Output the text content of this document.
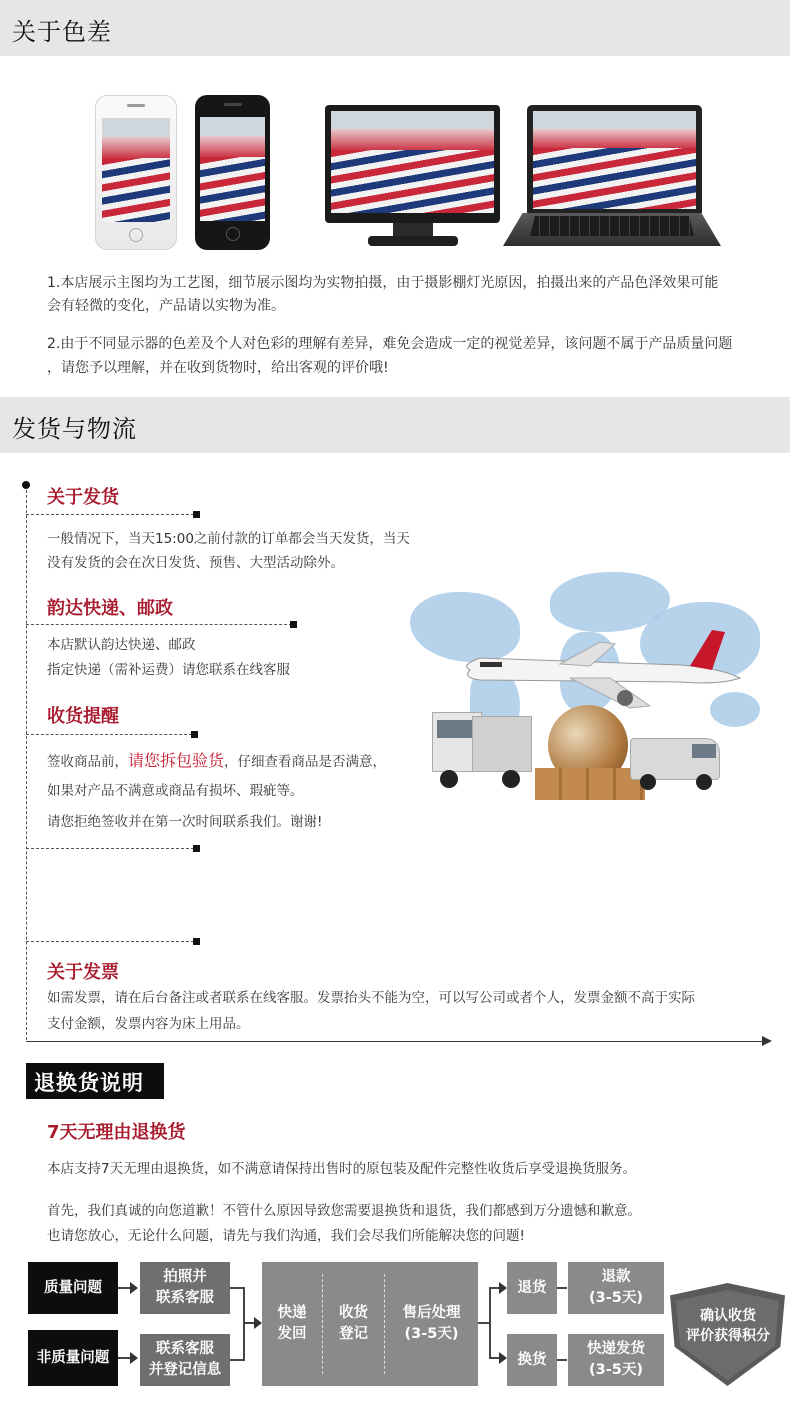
关于色差
1.本店展示主图均为工艺图，细节展示图均为实物拍摄，由于摄影棚灯光原因，拍摄出来的产品色泽效果可能
会有轻微的变化，产品请以实物为准。
2.由于不同显示器的色差及个人对色彩的理解有差异，难免会造成一定的视觉差异，该问题不属于产品质量问题
，请您予以理解，并在收到货物时，给出客观的评价哦!
发货与物流
关于发货
一般情况下，当天15:00之前付款的订单都会当天发货，当天
没有发货的会在次日发货、预售、大型活动除外。
韵达快递、邮政
本店默认韵达快递、邮政
指定快递（需补运费）请您联系在线客服
收货提醒
签收商品前，请您拆包验货，仔细查看商品是否满意，
如果对产品不满意或商品有损坏、瑕疵等。
请您拒绝签收并在第一次时间联系我们。谢谢!
关于发票
如需发票，请在后台备注或者联系在线客服。发票抬头不能为空，可以写公司或者个人，发票金额不高于实际
支付金额，发票内容为床上用品。
退换货说明
7天无理由退换货
本店支持7天无理由退换货，如不满意请保持出售时的原包装及配件完整性收货后享受退换货服务。
首先，我们真诚的向您道歉！不管什么原因导致您需要退换货和退货，我们都感到万分遗憾和歉意。
也请您放心，无论什么问题，请先与我们沟通，我们会尽我们所能解决您的问题!
质量问题
非质量问题
拍照并
联系客服
联系客服
并登记信息
快递
发回
收货
登记
售后处理
(3-5天)
退货
换货
退款
(3-5天)
快递发货
(3-5天)
确认收货
评价获得积分
